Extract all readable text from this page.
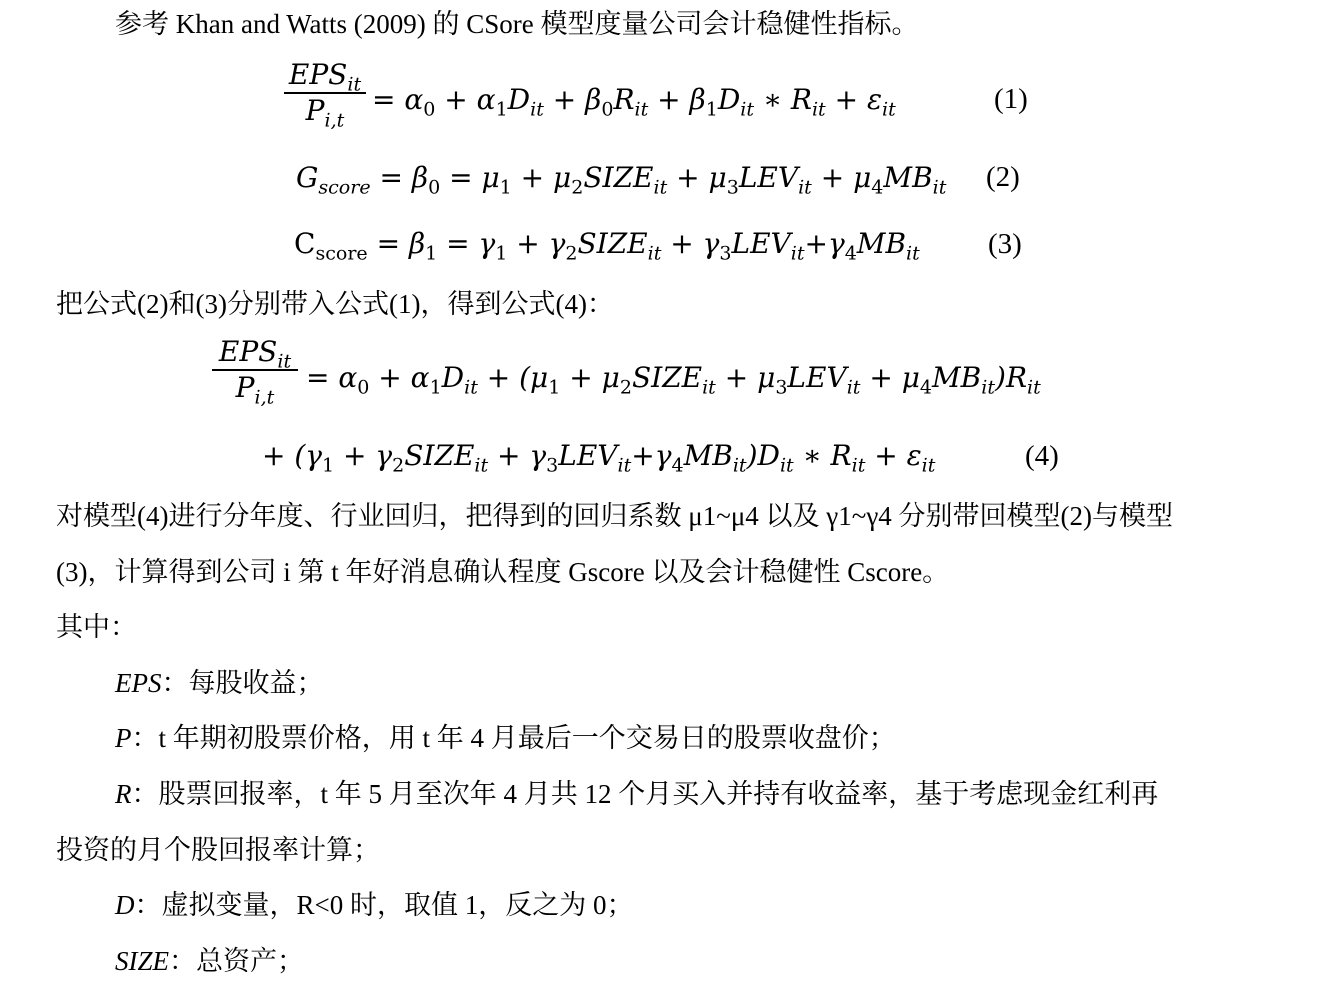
参考 Khan and Watts (2009) 的 CSore 模型度量公司会计稳健性指标。
$EPS_{it}$
$P_{i,t}$
= $\alpha_0 + \alpha_1D_{it} + \beta_0R_{it} + \beta_1D_{it}$ ∗ $R_{it} + \varepsilon_{it}$	(1)
$G_{score} = \beta_0 = \mu_1$ + $\mu_2SIZE_{it} + \mu_3LEV_{it} + \mu_4MB_{it}$ (2)
$C_{score} = \beta_1 = \gamma_1$ + $\gamma_2SIZE_{it} + \gamma_3LEV_{it}+\gamma_4MB_{it}$ (3)
把公式(2)和(3)分别带入公式(1)，得到公式(4)：
$EPS_{it}$
$P_{i,t}$
= $\alpha_0 + \alpha_1D_{it} + (\mu_1$ + $\mu_2SIZE_{it} + \mu_3LEV_{it} + \mu_4MB_{it})R_{it}$
+ ($\gamma_1$ + $\gamma_2SIZE_{it} + \gamma_3LEV_{it}+\gamma_4MB_{it})D_{it}$ ∗ $R_{it} + \varepsilon_{it}$	(4)
对模型(4)进行分年度、行业回归，把得到的回归系数 μ1~μ4 以及 γ1~γ4 分别带回模型(2)与模型
(3)，计算得到公司 i 第 t 年好消息确认程度 Gscore 以及会计稳健性 Cscore。
其中：
EPS：每股收益；
P：t 年期初股票价格，用 t 年 4 月最后一个交易日的股票收盘价；
R：股票回报率，t 年 5 月至次年 4 月共 12 个月买入并持有收益率，基于考虑现金红利再
投资的月个股回报率计算；
D：虚拟变量，R<0 时，取值 1，反之为 0；
SIZE：总资产；
